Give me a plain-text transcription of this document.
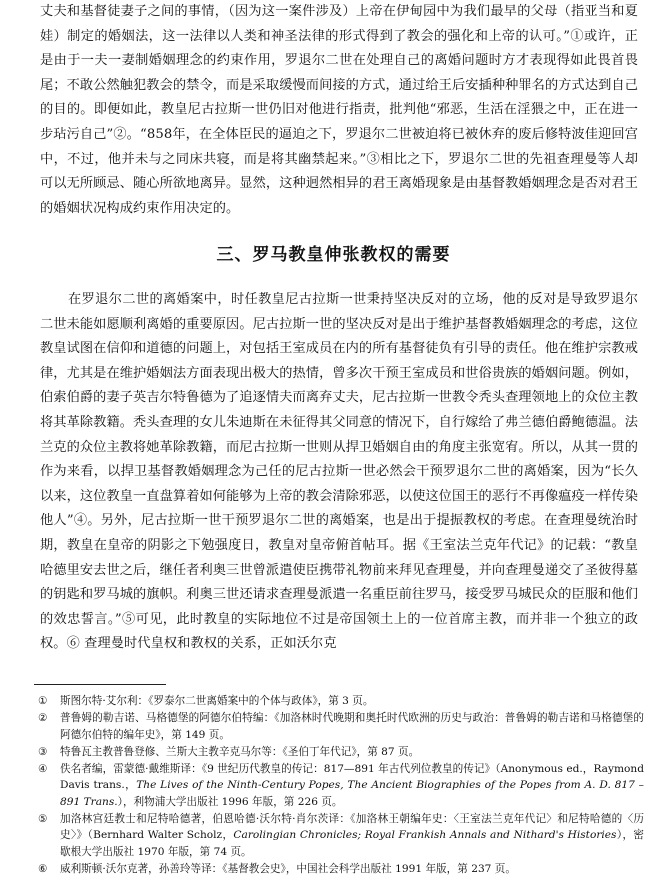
丈夫和基督徒妻子之间的事情，（因为这一案件涉及）上帝在伊甸园中为我们最早的父母（指亚当和夏娃）制定的婚姻法，这一法律以人类和神圣法律的形式得到了教会的强化和上帝的认可。”①或许，正是由于一夫一妻制婚姻理念的约束作用，罗退尔二世在处理自己的离婚问题时方才表现得如此畏首畏尾；不敢公然触犯教会的禁令，而是采取缓慢而间接的方式，通过给王后安插种种罪名的方式达到自己的目的。即便如此，教皇尼古拉斯一世仍旧对他进行指责，批判他“邪恶，生活在淫猥之中，正在进一步玷污自己”②。“858年，在全体臣民的逼迫之下，罗退尔二世被迫将已被休弃的废后修特波佳迎回宫中，不过，他并未与之同床共寝，而是将其幽禁起来。”③相比之下，罗退尔二世的先祖查理曼等人却可以无所顾忌、随心所欲地离异。显然，这种迥然相异的君王离婚现象是由基督教婚姻理念是否对君王的婚姻状况构成约束作用决定的。
三、罗马教皇伸张教权的需要
在罗退尔二世的离婚案中，时任教皇尼古拉斯一世秉持坚决反对的立场，他的反对是导致罗退尔二世未能如愿顺利离婚的重要原因。尼古拉斯一世的坚决反对是出于维护基督教婚姻理念的考虑，这位教皇试图在信仰和道德的问题上，对包括王室成员在内的所有基督徒负有引导的责任。他在维护宗教戒律，尤其是在维护婚姻法方面表现出极大的热情，曾多次干预王室成员和世俗贵族的婚姻问题。例如，伯索伯爵的妻子英吉尔特鲁德为了追逐情夫而离弃丈夫，尼古拉斯一世教令秃头查理领地上的众位主教将其革除教籍。秃头查理的女儿朱迪斯在未征得其父同意的情况下，自行嫁给了弗兰德伯爵鲍德温。法兰克的众位主教将她革除教籍，而尼古拉斯一世则从捍卫婚姻自由的角度主张宽宥。所以，从其一贯的作为来看，以捍卫基督教婚姻理念为己任的尼古拉斯一世必然会干预罗退尔二世的离婚案，因为“长久以来，这位教皇一直盘算着如何能够为上帝的教会清除邪恶，以使这位国王的恶行不再像瘟疫一样传染他人”④。另外，尼古拉斯一世干预罗退尔二世的离婚案，也是出于提振教权的考虑。在查理曼统治时期，教皇在皇帝的阴影之下勉强度日，教皇对皇帝俯首帖耳。据《王室法兰克年代记》的记载：“教皇哈德里安去世之后，继任者利奥三世曾派遣使臣携带礼物前来拜见查理曼，并向查理曼递交了圣彼得墓的钥匙和罗马城的旗帜。利奥三世还请求查理曼派遣一名重臣前往罗马，接受罗马城民众的臣服和他们的效忠誓言。”⑤可见，此时教皇的实际地位不过是帝国领土上的一位首席主教，而并非一个独立的政权。⑥ 查理曼时代皇权和教权的关系，正如沃尔克
① 斯图尔特·艾尔利：《罗泰尔二世离婚案中的个体与政体》，第 3 页。
② 普鲁姆的勒吉诺、马格德堡的阿德尔伯特编：《加洛林时代晚期和奥托时代欧洲的历史与政治：普鲁姆的勒吉诺和马格德堡的阿德尔伯特的编年史》，第 149 页。
③ 特鲁瓦主教普鲁登修、兰斯大主教辛克马尔等：《圣伯丁年代记》，第 87 页。
④ 佚名者编，雷蒙德·戴维斯译：《9 世纪历代教皇的传记：817—891 年古代列位教皇的传记》（Anonymous ed.，Raymond Davis trans.，The Lives of the Ninth-Century Popes, The Ancient Biographies of the Popes from A. D. 817 – 891 Trans.），利物浦大学出版社 1996 年版，第 226 页。
⑤ 加洛林宫廷教士和尼特哈德著，伯恩哈德·沃尔特·肖尔茨译：《加洛林王朝编年史：〈王室法兰克年代记〉和尼特哈德的〈历史〉》（Bernhard Walter Scholz，Carolingian Chronicles; Royal Frankish Annals and Nithard's Histories），密歇根大学出版社 1970 年版，第 74 页。
⑥ 威利斯顿·沃尔克著，孙善玲等译：《基督教会史》，中国社会科学出版社 1991 年版，第 237 页。
